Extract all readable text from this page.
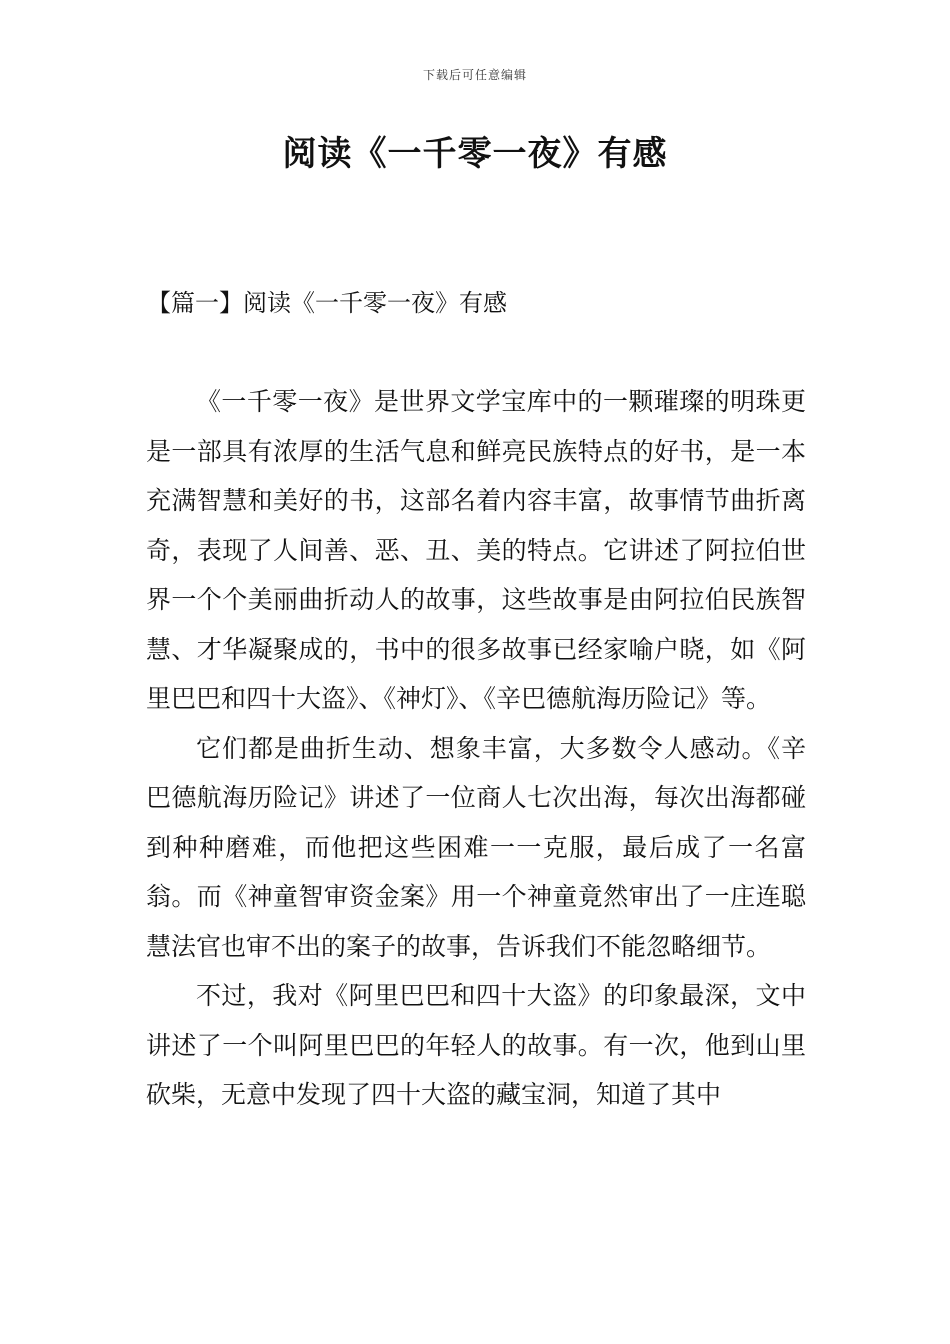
下载后可任意编辑
阅读《一千零一夜》有感
【篇一】阅读《一千零一夜》有感

《一千零一夜》是世界文学宝库中的一颗璀璨的明珠更是一部具有浓厚的生活气息和鲜亮民族特点的好书，是一本充满智慧和美好的书，这部名着内容丰富，故事情节曲折离奇，表现了人间善、恶、丑、美的特点。它讲述了阿拉伯世界一个个美丽曲折动人的故事，这些故事是由阿拉伯民族智慧、才华凝聚成的，书中的很多故事已经家喻户晓，如《阿里巴巴和四十大盗》、《神灯》、《辛巴德航海历险记》等。

它们都是曲折生动、想象丰富，大多数令人感动。《辛巴德航海历险记》讲述了一位商人七次出海，每次出海都碰到种种磨难，而他把这些困难一一克服，最后成了一名富翁。而《神童智审资金案》用一个神童竟然审出了一庄连聪慧法官也审不出的案子的故事，告诉我们不能忽略细节。

不过，我对《阿里巴巴和四十大盗》的印象最深，文中讲述了一个叫阿里巴巴的年轻人的故事。有一次，他到山里砍柴，无意中发现了四十大盗的藏宝洞，知道了其中
